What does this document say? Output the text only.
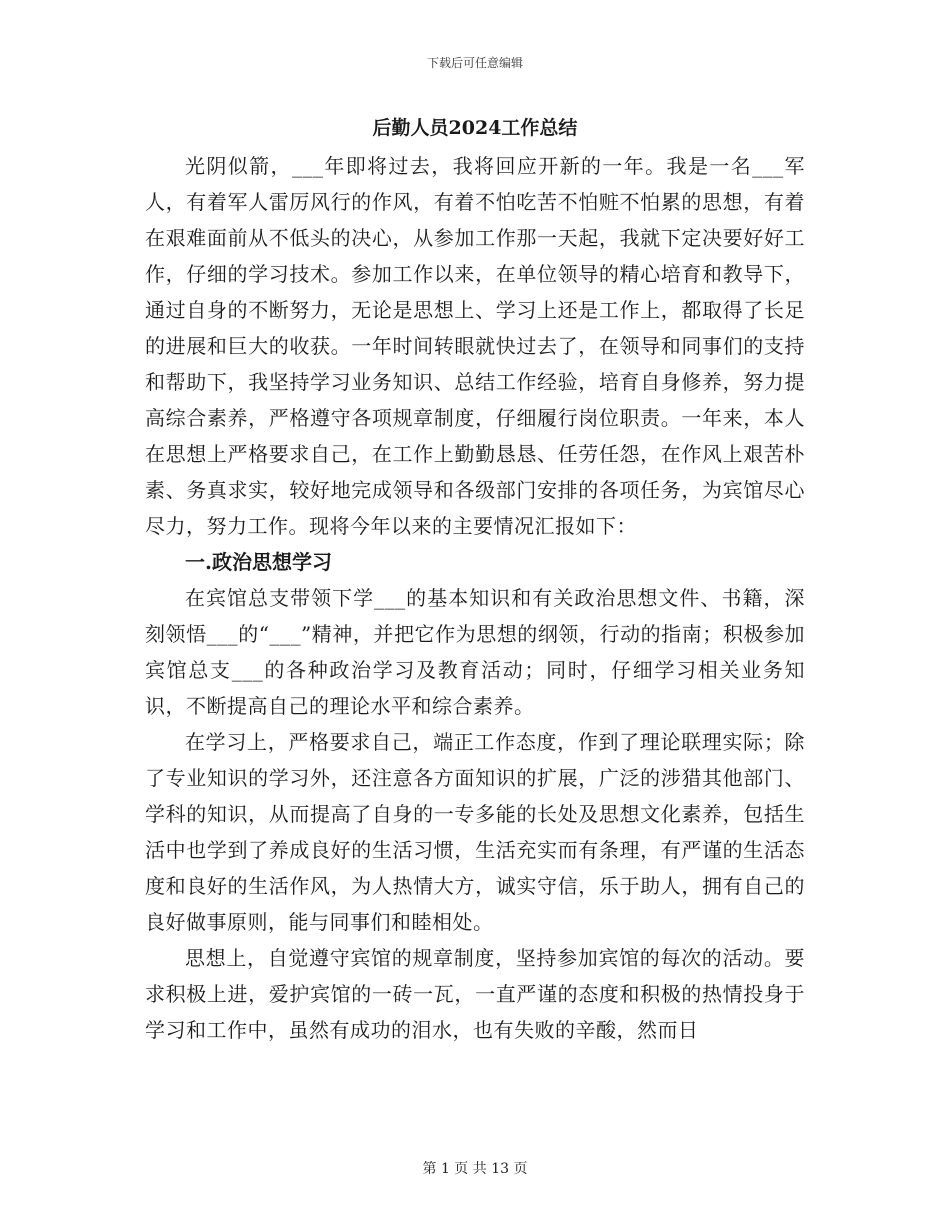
下载后可任意编辑
后勤人员2024工作总结

光阴似箭，___年即将过去，我将回应开新的一年。我是一名___军人，有着军人雷厉风行的作风，有着不怕吃苦不怕赃不怕累的思想，有着在艰难面前从不低头的决心，从参加工作那一天起，我就下定决要好好工作，仔细的学习技术。参加工作以来，在单位领导的精心培育和教导下，通过自身的不断努力，无论是思想上、学习上还是工作上，都取得了长足的进展和巨大的收获。一年时间转眼就快过去了，在领导和同事们的支持和帮助下，我坚持学习业务知识、总结工作经验，培育自身修养，努力提高综合素养，严格遵守各项规章制度，仔细履行岗位职责。一年来，本人在思想上严格要求自己，在工作上勤勤恳恳、任劳任怨，在作风上艰苦朴素、务真求实，较好地完成领导和各级部门安排的各项任务，为宾馆尽心尽力，努力工作。现将今年以来的主要情况汇报如下：

一.政治思想学习

在宾馆总支带领下学___的基本知识和有关政治思想文件、书籍，深刻领悟___的“___”精神，并把它作为思想的纲领，行动的指南；积极参加宾馆总支___的各种政治学习及教育活动；同时，仔细学习相关业务知识，不断提高自己的理论水平和综合素养。

在学习上，严格要求自己，端正工作态度，作到了理论联理实际；除了专业知识的学习外，还注意各方面知识的扩展，广泛的涉猎其他部门、学科的知识，从而提高了自身的一专多能的长处及思想文化素养，包括生活中也学到了养成良好的生活习惯，生活充实而有条理，有严谨的生活态度和良好的生活作风，为人热情大方，诚实守信，乐于助人，拥有自己的良好做事原则，能与同事们和睦相处。

思想上，自觉遵守宾馆的规章制度，坚持参加宾馆的每次的活动。要求积极上进，爱护宾馆的一砖一瓦，一直严谨的态度和积极的热情投身于学习和工作中，虽然有成功的泪水，也有失败的辛酸，然而日

第 1 页 共 13 页
